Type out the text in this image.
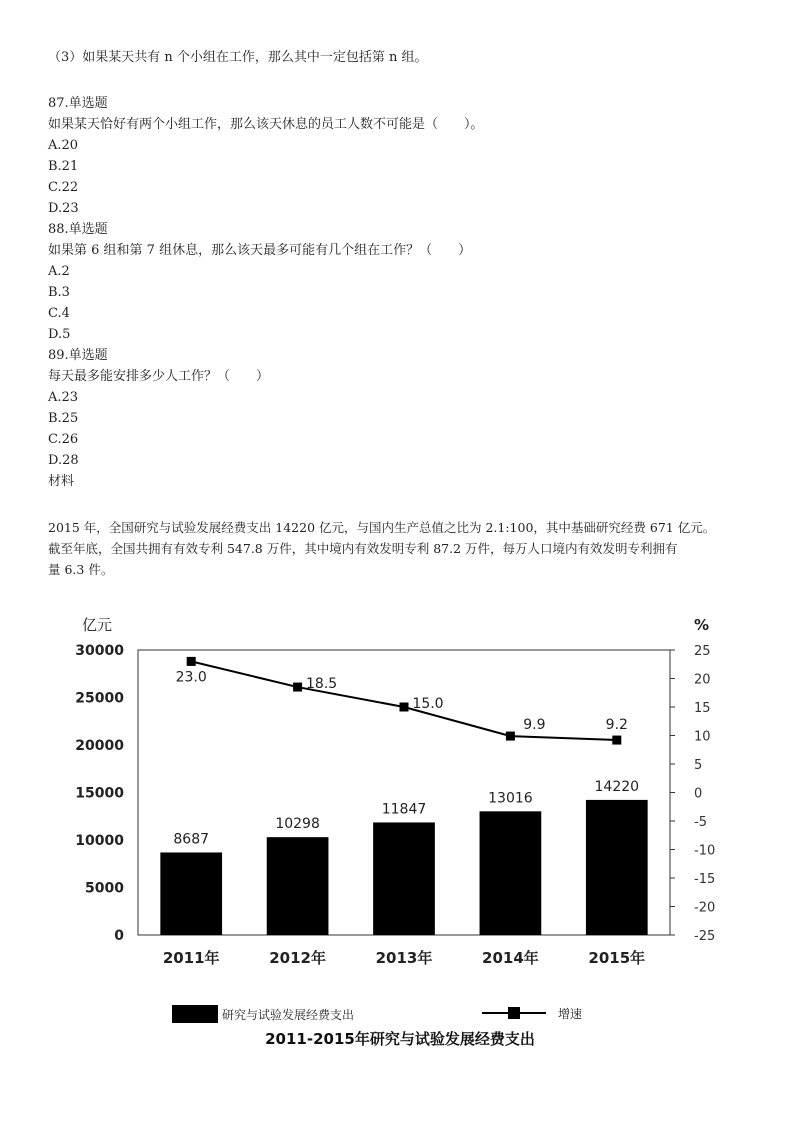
（3）如果某天共有 n 个小组在工作，那么其中一定包括第 n 组。
87.单选题
如果某天恰好有两个小组工作，那么该天休息的员工人数不可能是（　　）。
A.20
B.21
C.22
D.23
88.单选题
如果第 6 组和第 7 组休息，那么该天最多可能有几个组在工作？（　　）
A.2
B.3
C.4
D.5
89.单选题
每天最多能安排多少人工作？（　　）
A.23
B.25
C.26
D.28
材料
2015 年，全国研究与试验发展经费支出 14220 亿元，与国内生产总值之比为 2.1:100，其中基础研究经费 671 亿元。
截至年底，全国共拥有有效专利 547.8 万件，其中境内有效发明专利 87.2 万件，每万人口境内有效发明专利拥有
量 6.3 件。
亿元	%
0
5000
10000
15000
20000
25000
30000
-25
-20
-15
-10
-5
0
5
10
15
20
25
8687
10298
11847
13016
14220
2011年	2012年	2013年	2014年	2015年
23.0	18.5
15.0
9.9	9.2
研究与试验发展经费支出	增速
2011-2015年研究与试验发展经费支出
